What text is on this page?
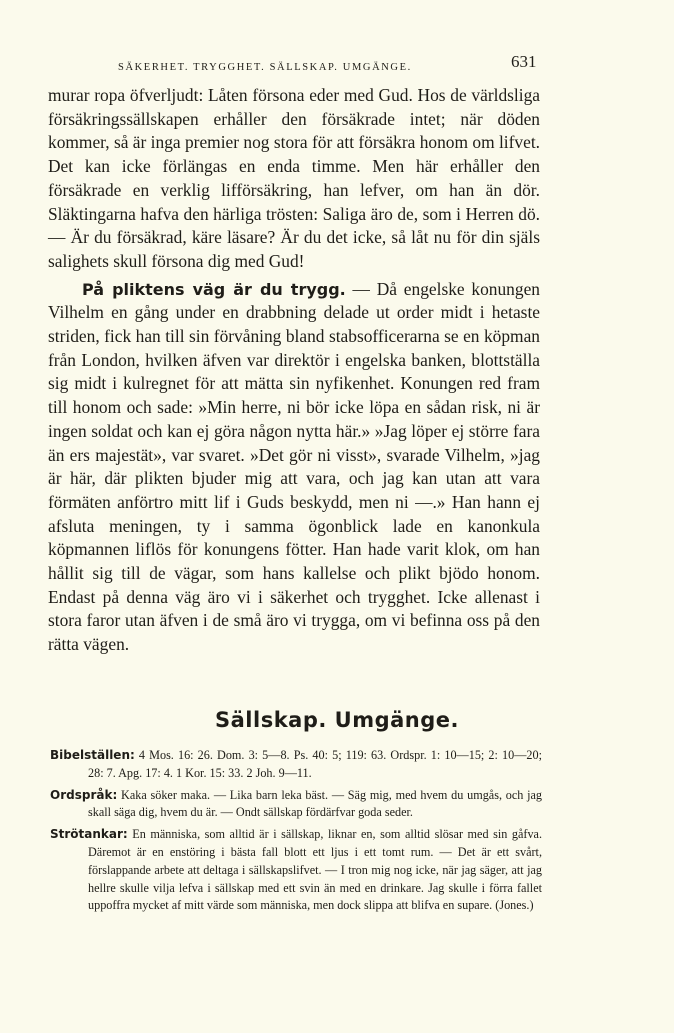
SÄKERHET. TRYGGHET. SÄLLSKAP. UMGÄNGE.	631

murar ropa öfverljudt: Låten försona eder med Gud. Hos de världsliga försäkringssällskapen erhåller den försäkrade intet; när döden kommer, så är inga premier nog stora för att försäkra honom om lifvet. Det kan icke förlängas en enda timme. Men här erhåller den försäkrade en verklig lifförsäkring, han lefver, om han än dör. Släktingarna hafva den härliga trösten: Saliga äro de, som i Herren dö. — Är du försäkrad, käre läsare? Är du det icke, så låt nu för din själs salighets skull försona dig med Gud!

På pliktens väg är du trygg. — Då engelske konungen Vilhelm en gång under en drabbning delade ut order midt i hetaste striden, fick han till sin förvåning bland stabsofficerarna se en köpman från London, hvilken äfven var direktör i engelska banken, blottställa sig midt i kulregnet för att mätta sin nyfikenhet. Konungen red fram till honom och sade: »Min herre, ni bör icke löpa en sådan risk, ni är ingen soldat och kan ej göra någon nytta här.» »Jag löper ej större fara än ers majestät», var svaret. »Det gör ni visst», svarade Vilhelm, »jag är här, där plikten bjuder mig att vara, och jag kan utan att vara förmäten anförtro mitt lif i Guds beskydd, men ni —.» Han hann ej afsluta meningen, ty i samma ögonblick lade en kanonkula köpmannen liflös för konungens fötter. Han hade varit klok, om han hållit sig till de vägar, som hans kallelse och plikt bjödo honom. Endast på denna väg äro vi i säkerhet och trygghet. Icke allenast i stora faror utan äfven i de små äro vi trygga, om vi befinna oss på den rätta vägen.

Sällskap. Umgänge.

Bibelställen: 4 Mos. 16: 26. Dom. 3: 5—8. Ps. 40: 5; 119: 63. Ordspr. 1: 10—15; 2: 10—20; 28: 7. Apg. 17: 4. 1 Kor. 15: 33. 2 Joh. 9—11.

Ordspråk: Kaka söker maka. — Lika barn leka bäst. — Säg mig, med hvem du umgås, och jag skall säga dig, hvem du är. — Ondt sällskap fördärfvar goda seder.

Strötankar: En människa, som alltid är i sällskap, liknar en, som alltid slösar med sin gåfva. Däremot är en enstöring i bästa fall blott ett ljus i ett tomt rum. — Det är ett svårt, förslappande arbete att deltaga i sällskapslifvet. — I tron mig nog icke, när jag säger, att jag hellre skulle vilja lefva i sällskap med ett svin än med en drinkare. Jag skulle i förra fallet uppoffra mycket af mitt värde som människa, men dock slippa att blifva en supare. (Jones.)
